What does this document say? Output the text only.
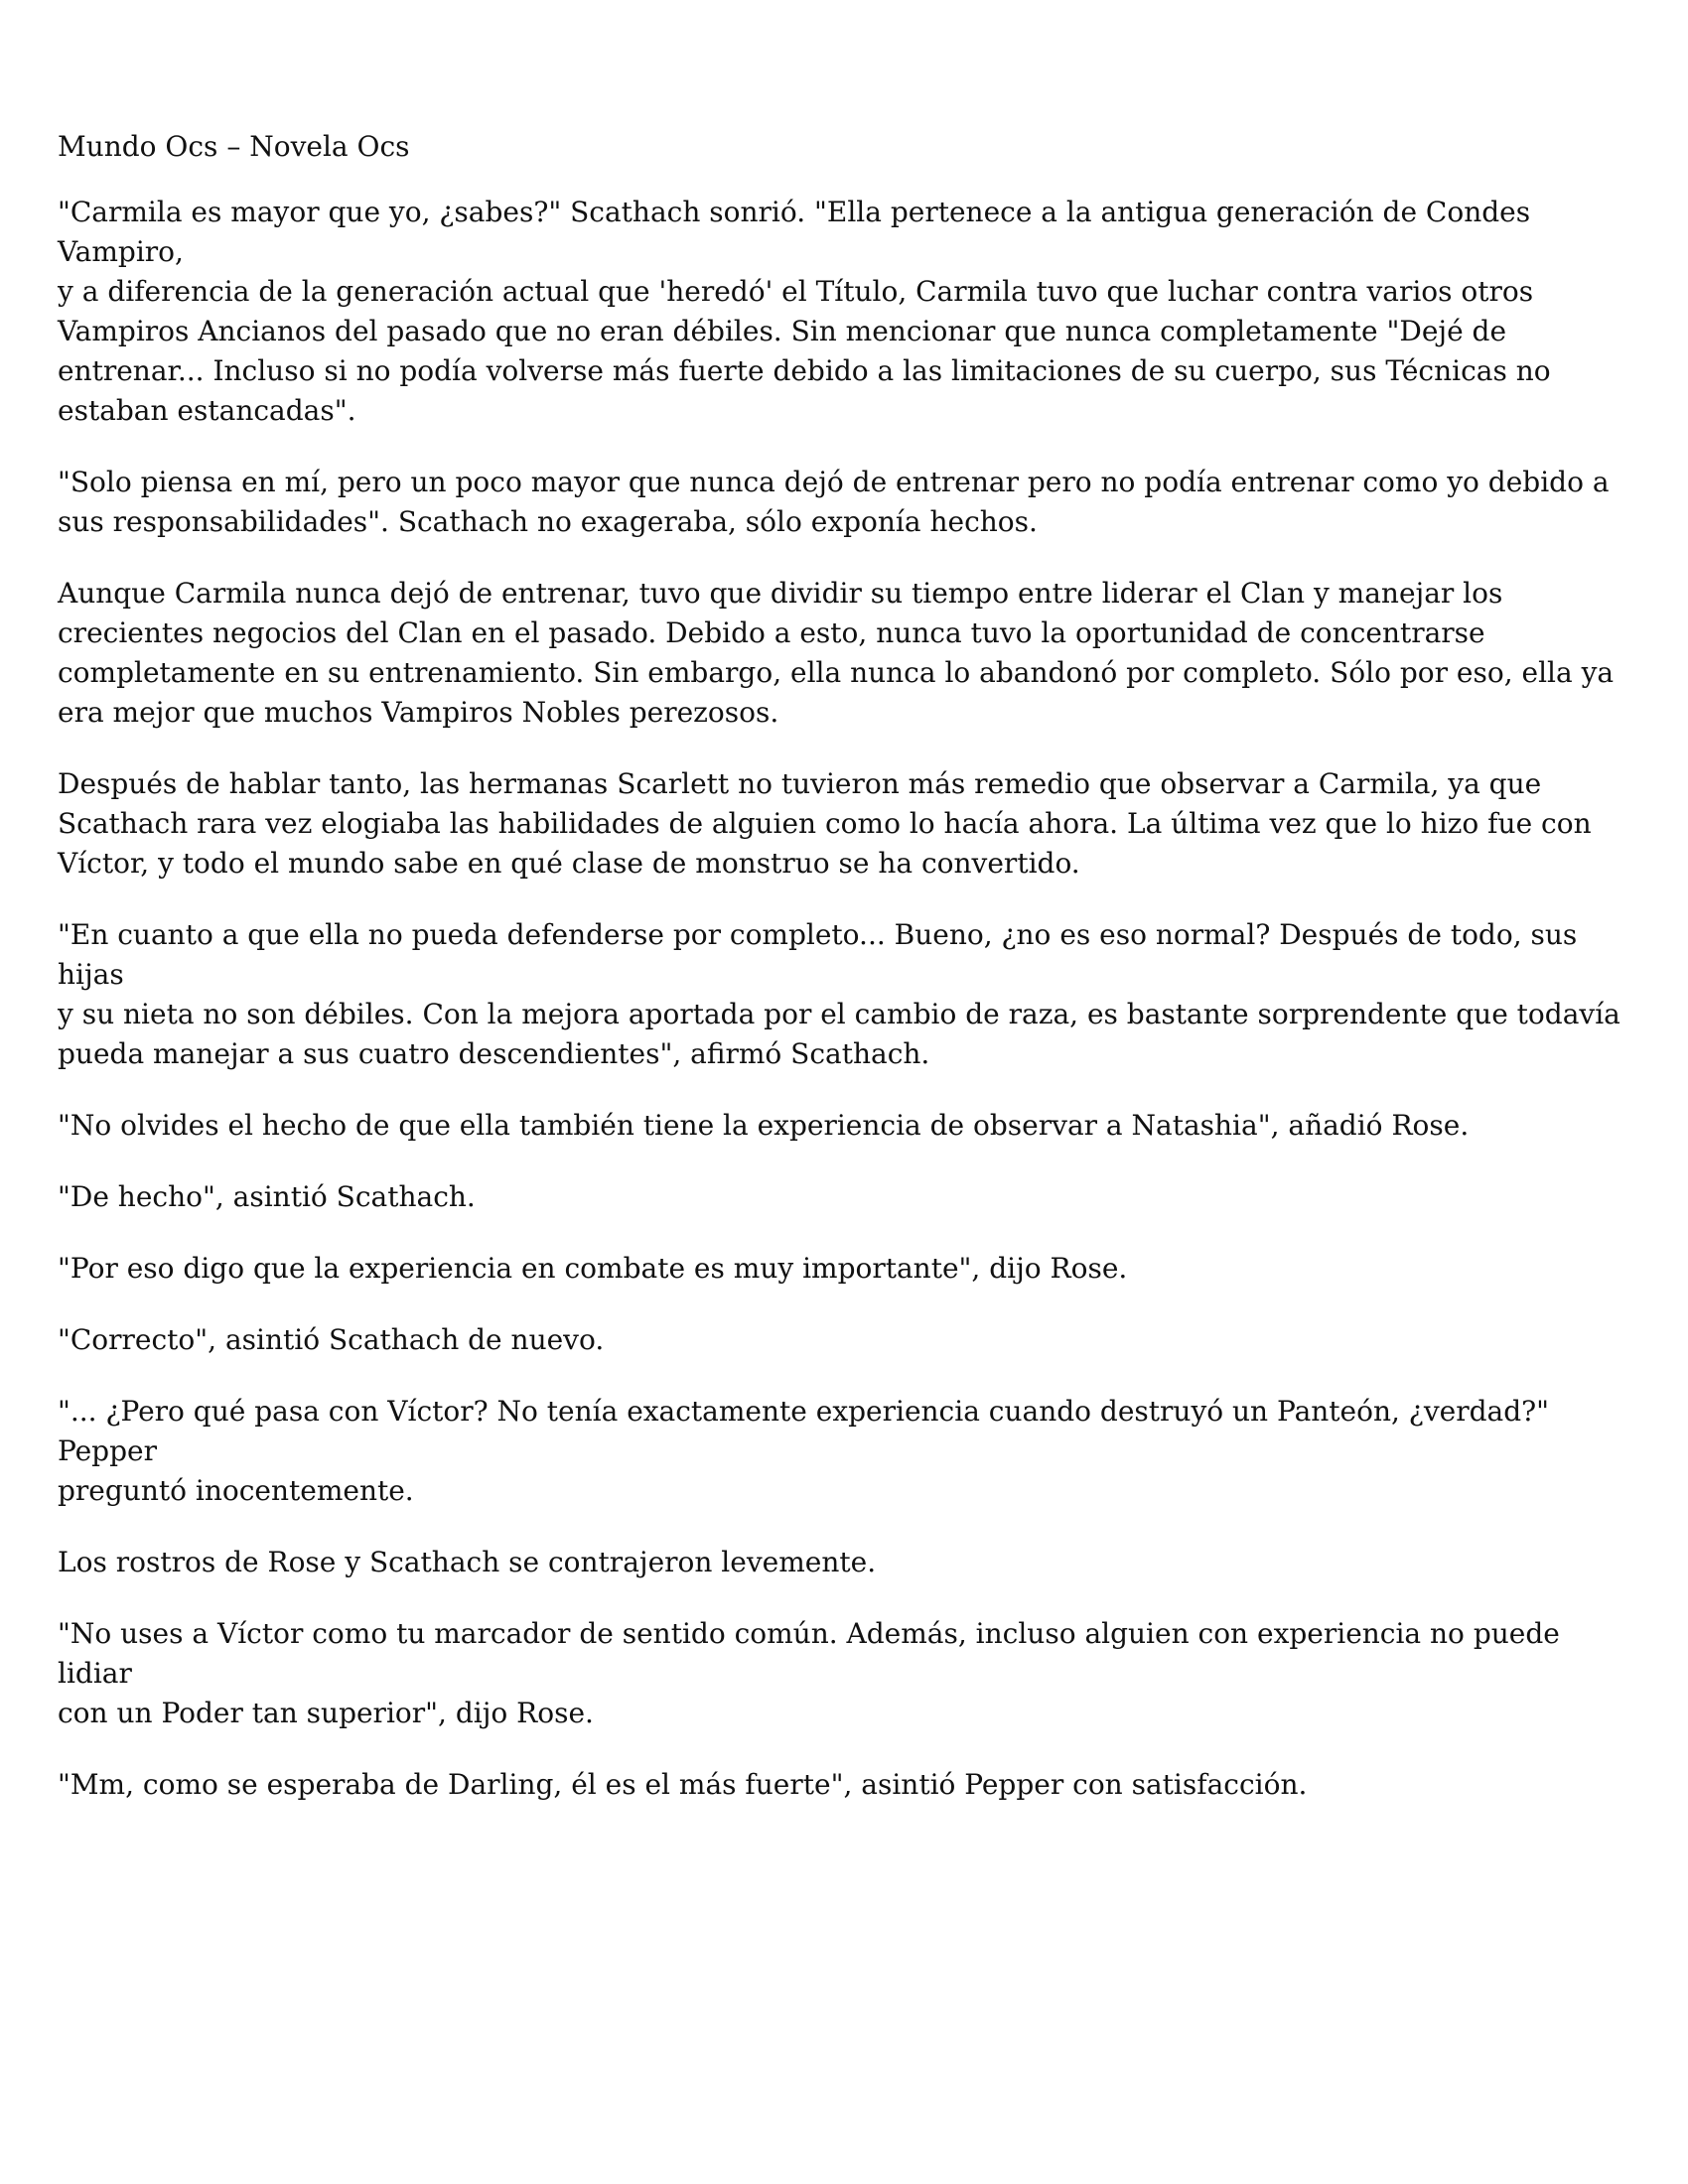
Mundo Ocs – Novela Ocs

"Carmila es mayor que yo, ¿sabes?" Scathach sonrió. "Ella pertenece a la antigua generación de Condes Vampiro,
y a diferencia de la generación actual que 'heredó' el Título, Carmila tuvo que luchar contra varios otros
Vampiros Ancianos del pasado que no eran débiles. Sin mencionar que nunca completamente "Dejé de
entrenar... Incluso si no podía volverse más fuerte debido a las limitaciones de su cuerpo, sus Técnicas no
estaban estancadas".

"Solo piensa en mí, pero un poco mayor que nunca dejó de entrenar pero no podía entrenar como yo debido a
sus responsabilidades". Scathach no exageraba, sólo exponía hechos.

Aunque Carmila nunca dejó de entrenar, tuvo que dividir su tiempo entre liderar el Clan y manejar los
crecientes negocios del Clan en el pasado. Debido a esto, nunca tuvo la oportunidad de concentrarse
completamente en su entrenamiento. Sin embargo, ella nunca lo abandonó por completo. Sólo por eso, ella ya
era mejor que muchos Vampiros Nobles perezosos.

Después de hablar tanto, las hermanas Scarlett no tuvieron más remedio que observar a Carmila, ya que
Scathach rara vez elogiaba las habilidades de alguien como lo hacía ahora. La última vez que lo hizo fue con
Víctor, y todo el mundo sabe en qué clase de monstruo se ha convertido.

"En cuanto a que ella no pueda defenderse por completo... Bueno, ¿no es eso normal? Después de todo, sus hijas
y su nieta no son débiles. Con la mejora aportada por el cambio de raza, es bastante sorprendente que todavía
pueda manejar a sus cuatro descendientes", afirmó Scathach.

"No olvides el hecho de que ella también tiene la experiencia de observar a Natashia", añadió Rose.

"De hecho", asintió Scathach.

"Por eso digo que la experiencia en combate es muy importante", dijo Rose.

"Correcto", asintió Scathach de nuevo.

"... ¿Pero qué pasa con Víctor? No tenía exactamente experiencia cuando destruyó un Panteón, ¿verdad?" Pepper
preguntó inocentemente.

Los rostros de Rose y Scathach se contrajeron levemente.

"No uses a Víctor como tu marcador de sentido común. Además, incluso alguien con experiencia no puede lidiar
con un Poder tan superior", dijo Rose.

"Mm, como se esperaba de Darling, él es el más fuerte", asintió Pepper con satisfacción.
